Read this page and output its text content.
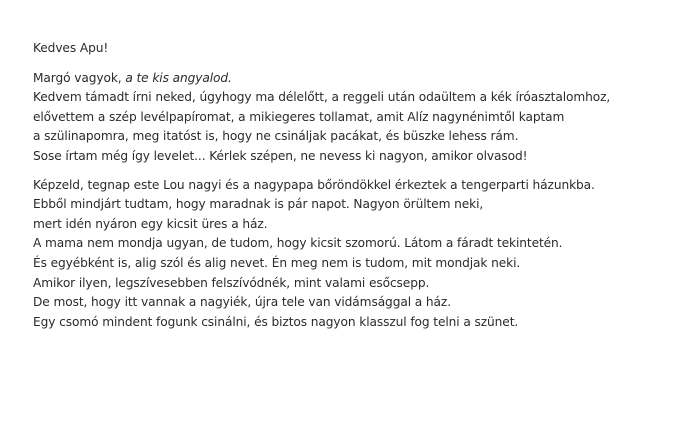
Kedves Apu!
Margó vagyok, a te kis angyalod.
Kedvem támadt írni neked, úgyhogy ma délelőtt, a reggeli után odaültem a kék íróasztalomhoz,
elővettem a szép levélpapíromat, a mikiegeres tollamat, amit Alíz nagynénimtől kaptam
a szülinapomra, meg itatóst is, hogy ne csináljak pacákat, és büszke lehess rám.
Sose írtam még így levelet... Kérlek szépen, ne nevess ki nagyon, amikor olvasod!
Képzeld, tegnap este Lou nagyi és a nagypapa bőröndökkel érkeztek a tengerparti házunkba.
Ebből mindjárt tudtam, hogy maradnak is pár napot. Nagyon örültem neki,
mert idén nyáron egy kicsit üres a ház.
A mama nem mondja ugyan, de tudom, hogy kicsit szomorú. Látom a fáradt tekintetén.
És egyébként is, alig szól és alig nevet. Én meg nem is tudom, mit mondjak neki.
Amikor ilyen, legszívesebben felszívódnék, mint valami esőcsepp.
De most, hogy itt vannak a nagyiék, újra tele van vidámsággal a ház.
Egy csomó mindent fogunk csinálni, és biztos nagyon klasszul fog telni a szünet.
